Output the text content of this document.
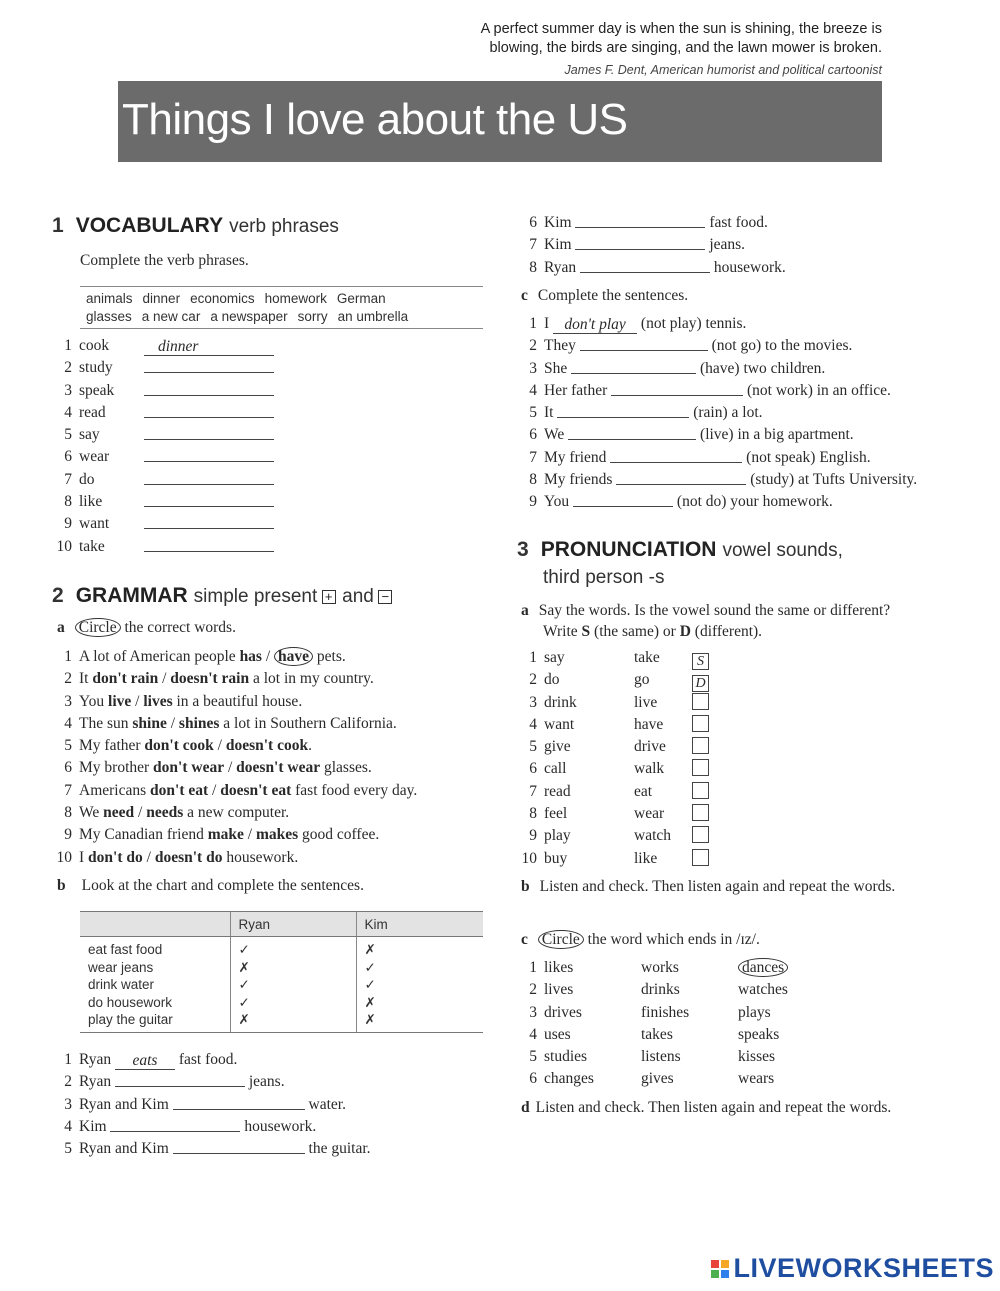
A perfect summer day is when the sun is shining, the breeze is
blowing, the birds are singing, and the lawn mower is broken.
James F. Dent, American humorist and political cartoonist
Things I love about the US
1 VOCABULARY verb phrases
Complete the verb phrases.
animals dinner economics homework German
glasses a new car a newspaper sorry an umbrella
1 cook	dinner
2 study
3 speak
4 read
5 say
6 wear
7 do
8 like
9 want
10 take
2 GRAMMAR simple present + and −
a Circle the correct words.
1 A lot of American people has / have pets.
2 It don't rain / doesn't rain a lot in my country.
3 You live / lives in a beautiful house.
4 The sun shine / shines a lot in Southern California.
5 My father don't cook / doesn't cook.
6 My brother don't wear / doesn't wear glasses.
7 Americans don't eat / doesn't eat fast food every day.
8 We need / needs a new computer.
9 My Canadian friend make / makes good coffee.
10 I don't do / doesn't do housework.
b Look at the chart and complete the sentences.
	Ryan	Kim
eat fast food	✓	✗
wear jeans	✗	✓
drink water	✓	✓
do housework	✓	✗
play the guitar	✗	✗
1 Ryan eats fast food.
2 Ryan	jeans.
3 Ryan and Kim	water.
4 Kim	housework.
5 Ryan and Kim	the guitar.
6 Kim	fast food.
7 Kim	jeans.
8 Ryan	housework.
c Complete the sentences.
1 I don't play (not play) tennis.
2 They	(not go) to the movies.
3 She	(have) two children.
4 Her father	(not work) in an office.
5 It	(rain) a lot.
6 We	(live) in a big apartment.
7 My friend	(not speak) English.
8 My friends	(study) at Tufts University.
9 You	(not do) your homework.
3 PRONUNCIATION vowel sounds,
third person -s
a Say the words. Is the vowel sound the same or different?
Write S (the same) or D (different).
1 say	take	S
2 do	go	D
3 drink	live
4 want	have
5 give	drive
6 call	walk
7 read	eat
8 feel	wear
9 play	watch
10 buy	like
b Listen and check. Then listen again and repeat the words.
c Circle the word which ends in /ɪz/.
1 likes	works	dances
2 lives	drinks	watches
3 drives	finishes	plays
4 uses	takes	speaks
5 studies	listens	kisses
6 changes	gives	wears
d Listen and check. Then listen again and repeat the words.
LIVEWORKSHEETS
